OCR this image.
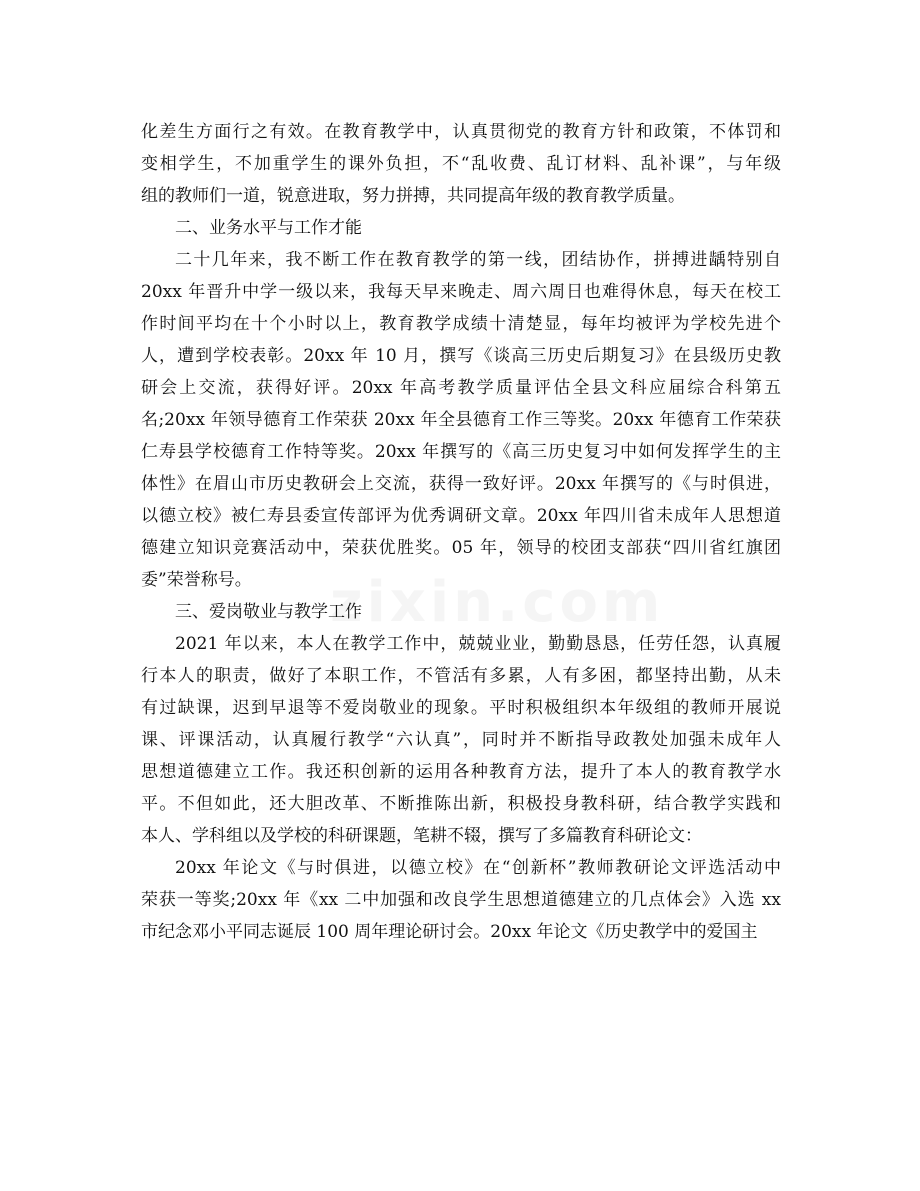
zixin.com
化差生方面行之有效。在教育教学中，认真贯彻党的教育方针和政策，不体罚和
变相学生，不加重学生的课外负担，不“乱收费、乱订材料、乱补课”，与年级
组的教师们一道，锐意进取，努力拼搏，共同提高年级的教育教学质量。
二、业务水平与工作才能
二十几年来，我不断工作在教育教学的第一线，团结协作，拼搏进龋特别自
20xx 年晋升中学一级以来，我每天早来晚走、周六周日也难得休息，每天在校工
作时间平均在十个小时以上，教育教学成绩十清楚显，每年均被评为学校先进个
人，遭到学校表彰。20xx 年 10 月，撰写《谈高三历史后期复习》在县级历史教
研会上交流，获得好评。20xx 年高考教学质量评估全县文科应届综合科第五
名;20xx 年领导德育工作荣获 20xx 年全县德育工作三等奖。20xx 年德育工作荣获
仁寿县学校德育工作特等奖。20xx 年撰写的《高三历史复习中如何发挥学生的主
体性》在眉山市历史教研会上交流，获得一致好评。20xx 年撰写的《与时俱进，
以德立校》被仁寿县委宣传部评为优秀调研文章。20xx 年四川省未成年人思想道
德建立知识竞赛活动中，荣获优胜奖。05 年，领导的校团支部获“四川省红旗团
委”荣誉称号。
三、爱岗敬业与教学工作
2021 年以来，本人在教学工作中，兢兢业业，勤勤恳恳，任劳任怨，认真履
行本人的职责，做好了本职工作，不管活有多累，人有多困，都坚持出勤，从未
有过缺课，迟到早退等不爱岗敬业的现象。平时积极组织本年级组的教师开展说
课、评课活动，认真履行教学“六认真”，同时并不断指导政教处加强未成年人
思想道德建立工作。我还积创新的运用各种教育方法，提升了本人的教育教学水
平。不但如此，还大胆改革、不断推陈出新，积极投身教科研，结合教学实践和
本人、学科组以及学校的科研课题，笔耕不辍，撰写了多篇教育科研论文：
20xx 年论文《与时俱进，以德立校》在“创新杯”教师教研论文评选活动中
荣获一等奖;20xx 年《xx 二中加强和改良学生思想道德建立的几点体会》入选 xx
市纪念邓小平同志诞辰 100 周年理论研讨会。20xx 年论文《历史教学中的爱国主
